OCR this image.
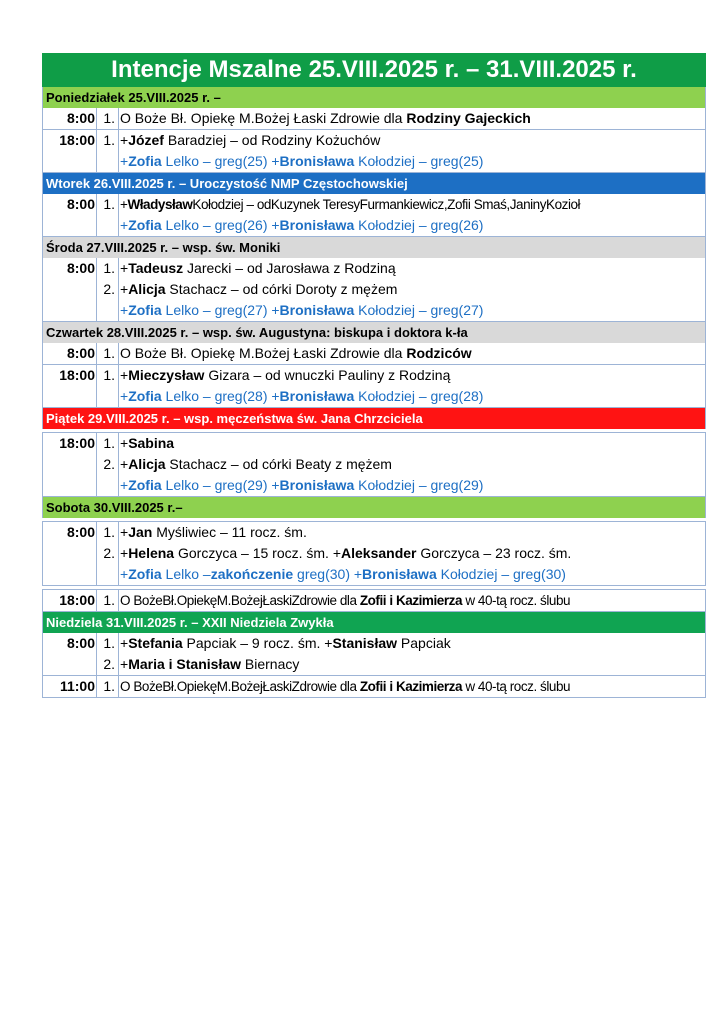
Intencje Mszalne 25.VIII.2025 r. – 31.VIII.2025 r.
Poniedziałek 25.VIII.2025 r. –
8:00 1. O Boże Bł. Opiekę M.Bożej Łaski Zdrowie dla Rodziny Gajeckich
18:00 1. +Józef Baradziej – od Rodziny Kożuchów
+Zofia Lelko – greg(25) +Bronisława Kołodziej – greg(25)
Wtorek 26.VIII.2025 r. – Uroczystość NMP Częstochowskiej
8:00 1. +WładysławKołodziej – odKuzynek TeresyFurmankiewicz,Zofii Smaś,JaninyKozioł
+Zofia Lelko – greg(26) +Bronisława Kołodziej – greg(26)
Środa 27.VIII.2025 r. – wsp. św. Moniki
8:00 1. +Tadeusz Jarecki – od Jarosława z Rodziną
2. +Alicja Stachacz – od córki Doroty z mężem
+Zofia Lelko – greg(27) +Bronisława Kołodziej – greg(27)
Czwartek 28.VIII.2025 r. – wsp. św. Augustyna: biskupa i doktora k-ła
8:00 1. O Boże Bł. Opiekę M.Bożej Łaski Zdrowie dla Rodziców
18:00 1. +Mieczysław Gizara – od wnuczki Pauliny z Rodziną
+Zofia Lelko – greg(28) +Bronisława Kołodziej – greg(28)
Piątek 29.VIII.2025 r. – wsp. męczeństwa św. Jana Chrzciciela
18:00 1. +Sabina
2. +Alicja Stachacz – od córki Beaty z mężem
+Zofia Lelko – greg(29) +Bronisława Kołodziej – greg(29)
Sobota 30.VIII.2025 r.–
8:00 1. +Jan Myśliwiec – 11 rocz. śm.
2. +Helena Gorczyca – 15 rocz. śm. +Aleksander Gorczyca – 23 rocz. śm.
+Zofia Lelko –zakończenie greg(30) +Bronisława Kołodziej – greg(30)
18:00 1. O BożeBł.OpiekęM.BożejŁaskiZdrowie dla Zofii i Kazimierza w 40-tą rocz. ślubu
Niedziela 31.VIII.2025 r. – XXII Niedziela Zwykła
8:00 1. +Stefania Papciak – 9 rocz. śm. +Stanisław Papciak
2. +Maria i Stanisław Biernacy
11:00 1. O BożeBł.OpiekęM.BożejŁaskiZdrowie dla Zofii i Kazimierza w 40-tą rocz. ślubu
